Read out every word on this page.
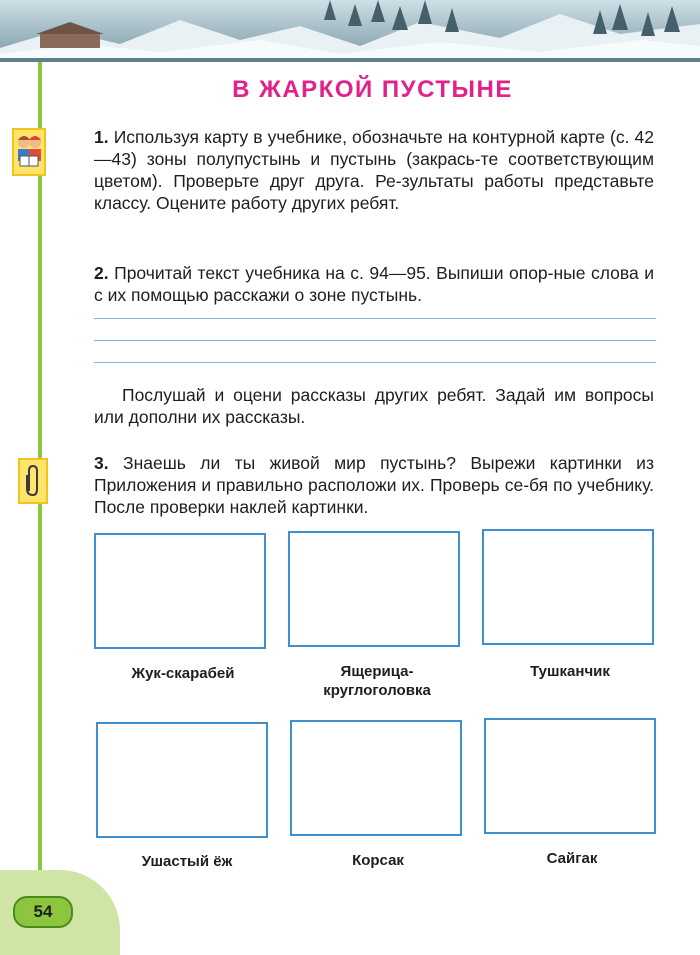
54
В ЖАРКОЙ ПУСТЫНЕ
1. Используя карту в учебнике, обозначьте на контурной карте (с. 42—43) зоны полупустынь и пустынь (закрась-те соответствующим цветом). Проверьте друг друга. Ре-зультаты работы представьте классу. Оцените работу других ребят.
2. Прочитай текст учебника на с. 94—95. Выпиши опор-ные слова и с их помощью расскажи о зоне пустынь.
Послушай и оцени рассказы других ребят. Задай им вопросы или дополни их рассказы.
3. Знаешь ли ты живой мир пустынь? Вырежи картинки из Приложения и правильно расположи их. Проверь се-бя по учебнику. После проверки наклей картинки.
Жук-скарабей	Ящерица-
круглоголовка
Тушканчик
Ушастый ёж	Корсак	Сайгак
